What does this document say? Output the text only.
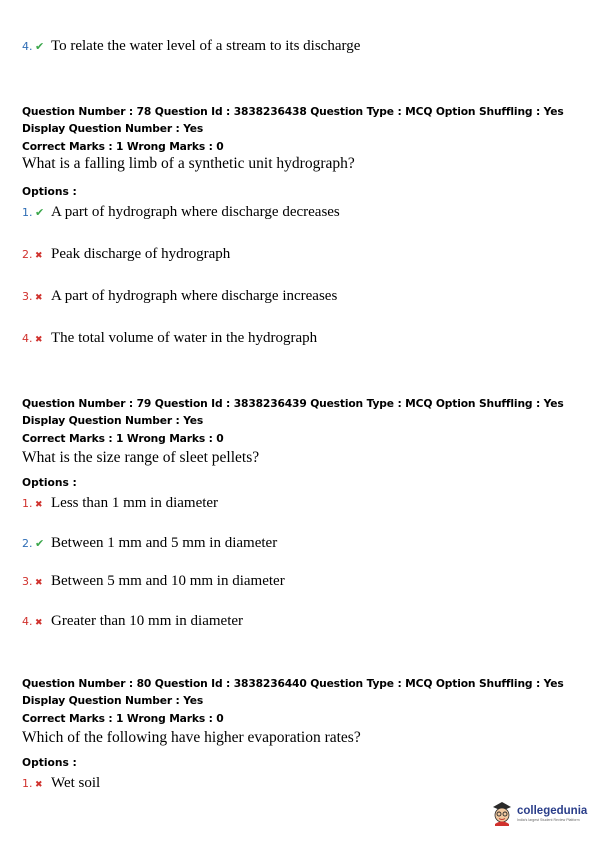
4. ✔ To relate the water level of a stream to its discharge
Question Number : 78 Question Id : 3838236438 Question Type : MCQ Option Shuffling : Yes
Display Question Number : Yes
Correct Marks : 1 Wrong Marks : 0
What is a falling limb of a synthetic unit hydrograph?
Options :
1. ✔ A part of hydrograph where discharge decreases
2. ✖ Peak discharge of hydrograph
3. ✖ A part of hydrograph where discharge increases
4. ✖ The total volume of water in the hydrograph
Question Number : 79 Question Id : 3838236439 Question Type : MCQ Option Shuffling : Yes
Display Question Number : Yes
Correct Marks : 1 Wrong Marks : 0
What is the size range of sleet pellets?
Options :
1. ✖ Less than 1 mm in diameter
2. ✔ Between 1 mm and 5 mm in diameter
3. ✖ Between 5 mm and 10 mm in diameter
4. ✖ Greater than 10 mm in diameter
Question Number : 80 Question Id : 3838236440 Question Type : MCQ Option Shuffling : Yes
Display Question Number : Yes
Correct Marks : 1 Wrong Marks : 0
Which of the following have higher evaporation rates?
Options :
1. ✖ Wet soil
collegedunia
India's largest Student Review Platform
